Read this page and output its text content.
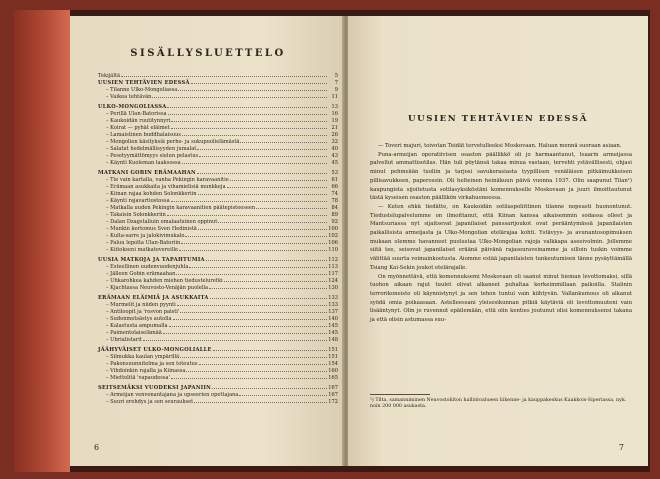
SISÄLLYSLUETTELO
Tekijältä	5
UUSIEN TEHTÄVIEN EDESSÄ	7
– Tilanne Ulko-Mongoliassa	9
– Vaikea tehtävän	11
ULKO-MONGOLIASSA	13
– Perillä Ulan-Batorissa	16
– Kaukoidän ruutitynnyri	19
– Koirat — pyhät eläimet	21
– Lamaistinen buddhalaisuus	26
– Mongolien käsityksiä perhe- ja sukupuolielämästä	32
– Salatut hedelmällisyyden jumalat	40
– Pesetyymättömyys sielun pelastus	43
– Käynti Kuoleman laaksossa	45
MATKANI GOBIN ERÄMAAHAN	53
– Tie vain kartalla, vanha Pekingin karavaanitie	61
– Erämaan asukkaita ja vihamielisiä munkkeja	66
– Kiinan rajaa kohden Solonkkeriin	74
– Käynti rajavartiostossa	78
– Matkalla uuden Pekingin karavaanitien päätepisteeseen	84
– Takaisin Solonkkeriin	89
– Dalan Dzagstaliuin omalaatuinen oppinut	92
– Munkin kertomus Sven Hedinistä	100
– Kulta-sarre ja jalokivimukalo	102
– Paluu lepolta Ulan-Batoriin	106
– Kiitokseni matkatovereille	110
UUSIA MATKOJA JA TAPAHTUMIA	112
– Esteellinen uudenvuodenjuhla	113
– Jälleen Gobin erämaahan	117
– Uhkarohkea kahden miehen tiedusteluretki	124
– Kjachtassa Neuvosto-Venäjän puolella	130
ERÄMAAN ELÄIMIÄ JA ASUKKAITA	133
– Murmelit ja niiden pyynti	133
– Antiloopit ja 'rosvon paisti'	137
– Sudenmetsästys autolla	140
– Kalastusta ampumalla	145
– Paimentolaiselämää	145
– Ubrialistarit	148
JÄÄHYVÄISET ULKO-MONGOLIALLE	151
– Silmukka kaulan ympärillä	151
– Pakonsuunnitelma ja sen toteutus	154
– Vihdoinkin rajalla ja Kiinassa	160
– Miettelitä 'vapaudessa'	165
SEITSEMÄKSI VUODEKSI JAPANIIN	167
– Armeijan venvonantajana ja upseerien opettajana	167
– Suuri erehdys ja sen seuraukset	172
6
UUSIEN TEHTÄVIEN EDESSÄ

— Toveri majuri, toivotan Teidät tervetulleeksi Moskovaan. Haluan mennä suoraan asiaan.

Puna-armeijan operatiivisen osaston päällikkö oli jo harmaantunut, tsaarin armeijassa palvellut ammattisotilas. Hän tuli pöytänsä takaa minua vastaan, tervehti ystävällisesti, ohjasi minut pehmeään tuoliin ja tarjosi savukerasiasta tyypillisen venäläisen pitkäimukkeisen pillisavukkeen, paperossin. Oli helteinen heinäkuun päivä vuonna 1937. Olin saapunut Tilan¹) kaupungista sijoitetusta sotilasyksiköstäni komennukselle Moskovaan ja juuri ilmoittautunut tästä kyseisen osaston päällikön virkahuoneessa.

— Kuten ehkä tiedätte, on Kaukoidän sotilaspoliittinen tilanne nopeasti huonontunut. Tiedustelupalvelumme on ilmoittanut, että Kiinan kanssa aikaisemmin sodassa olleet ja Mantsuriassa nyt sijaitsevat japanilaiset panssarijoukot ovat perääntymässä japanilaisten paikallisista armeijasta ja Ulko-Mongolian etelärajaa kohti. Ystävyys- ja avunantosopimuksen mukaan olemme havanneet puolustaa Ulko-Mongolian rajoja valkkapa aseeivolmin. Jollemme siitä tee, seisovat japanilaiset eräänä päivänä rajaseuraveinamme ja silloin tuskin voimme välittää suurta voimainkoetusta. Aiomme estää japanilaisten tunkeutumisen tänne pysäyttämällä Tsiang Kai-Sekin joukot etelärajalle.

On myönnettävä, että komennuksemi Moskovaan oli saanut minut hieman levottomaksi, sillä tuohon aikaan rajut tuulet olivat alkaneet puhaltaa korkeimmillaan paikoilla. Stalinin terrorikoneisto oli käynnistynyt ja sen tehon tuntui vain kiihtyvän. Vallankumous oli alkanut syödä omia poikaasaan. Astelleessani yleisesikunnan pitkiä käytäviä oli levottomuuteni vain lisääntynyt. Olin jo ruvennut epäilemään, että olin kenties joutunut olisi komennuksensi takana ja että olisin astumassa suu-

¹) Tilta, samanniminen Neuvostoliiton hallintoalueen liikenne- ja kauppakeskus Kaakkois-Siperiassa, nyk. noin 200 000 asukasta.
7
